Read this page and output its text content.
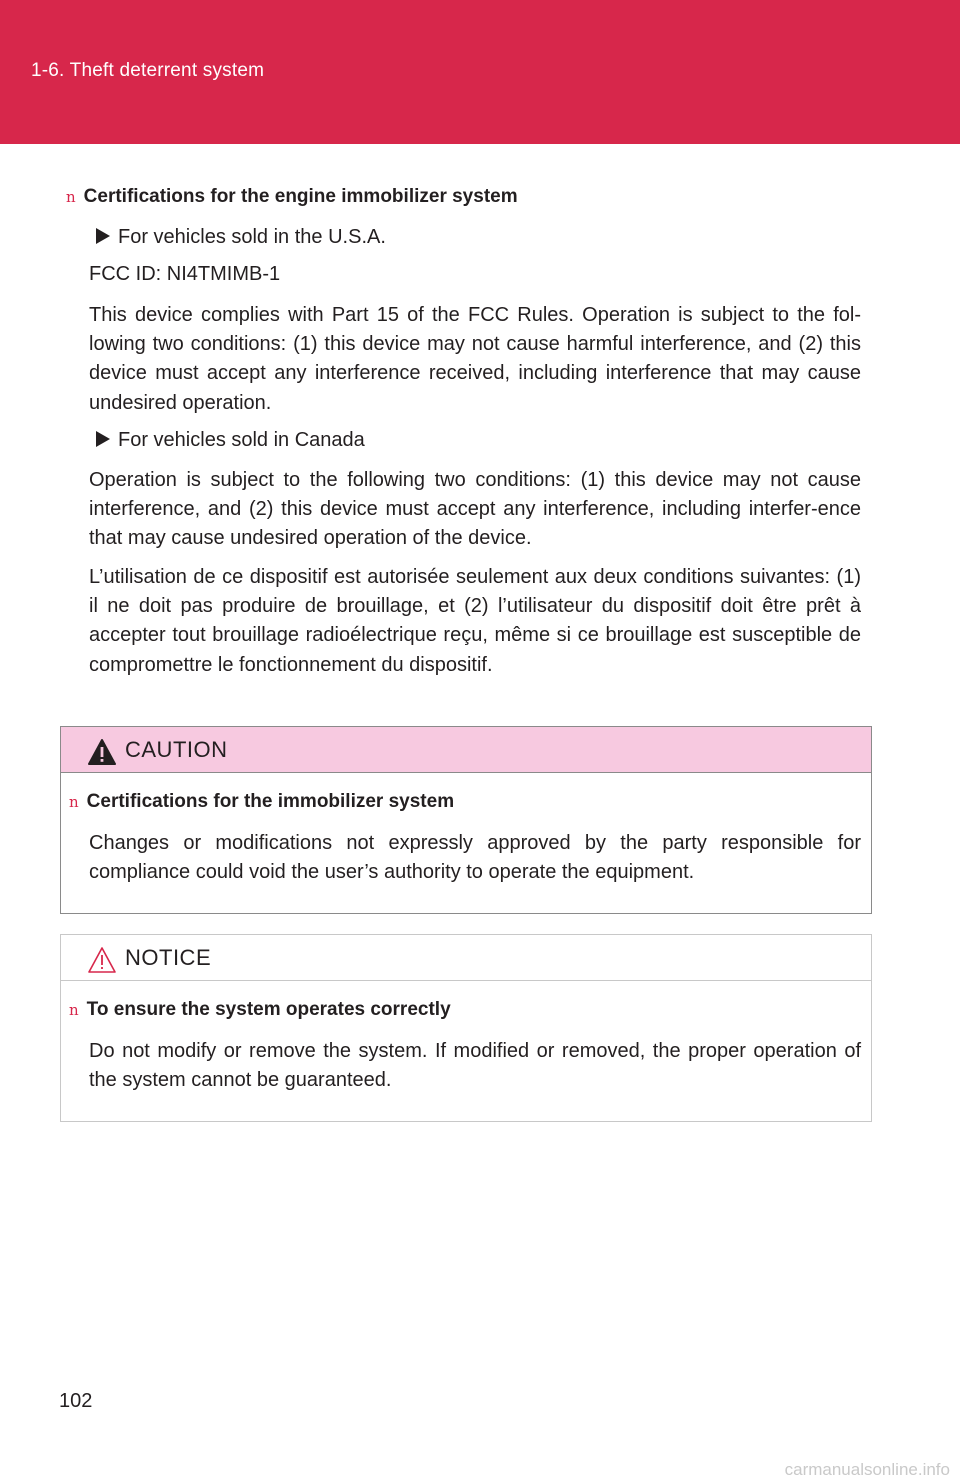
1-6. Theft deterrent system
n Certifications for the engine immobilizer system
For vehicles sold in the U.S.A.

FCC ID: NI4TMIMB-1

This device complies with Part 15 of the FCC Rules. Operation is subject to the fol-lowing two conditions: (1) this device may not cause harmful interference, and (2) this device must accept any interference received, including interference that may cause undesired operation.

For vehicles sold in Canada

Operation is subject to the following two conditions: (1) this device may not cause interference, and (2) this device must accept any interference, including interfer-ence that may cause undesired operation of the device.

L’utilisation de ce dispositif est autorisée seulement aux deux conditions suivantes: (1) il ne doit pas produire de brouillage, et (2) l’utilisateur du dispositif doit être prêt à accepter tout brouillage radioélectrique reçu, même si ce brouillage est susceptible de compromettre le fonctionnement du dispositif.

CAUTION
n Certifications for the immobilizer system

Changes or modifications not expressly approved by the party responsible for compliance could void the user’s authority to operate the equipment.

NOTICE
n To ensure the system operates correctly

Do not modify or remove the system. If modified or removed, the proper operation of the system cannot be guaranteed.

102
carmanualsonline.info
